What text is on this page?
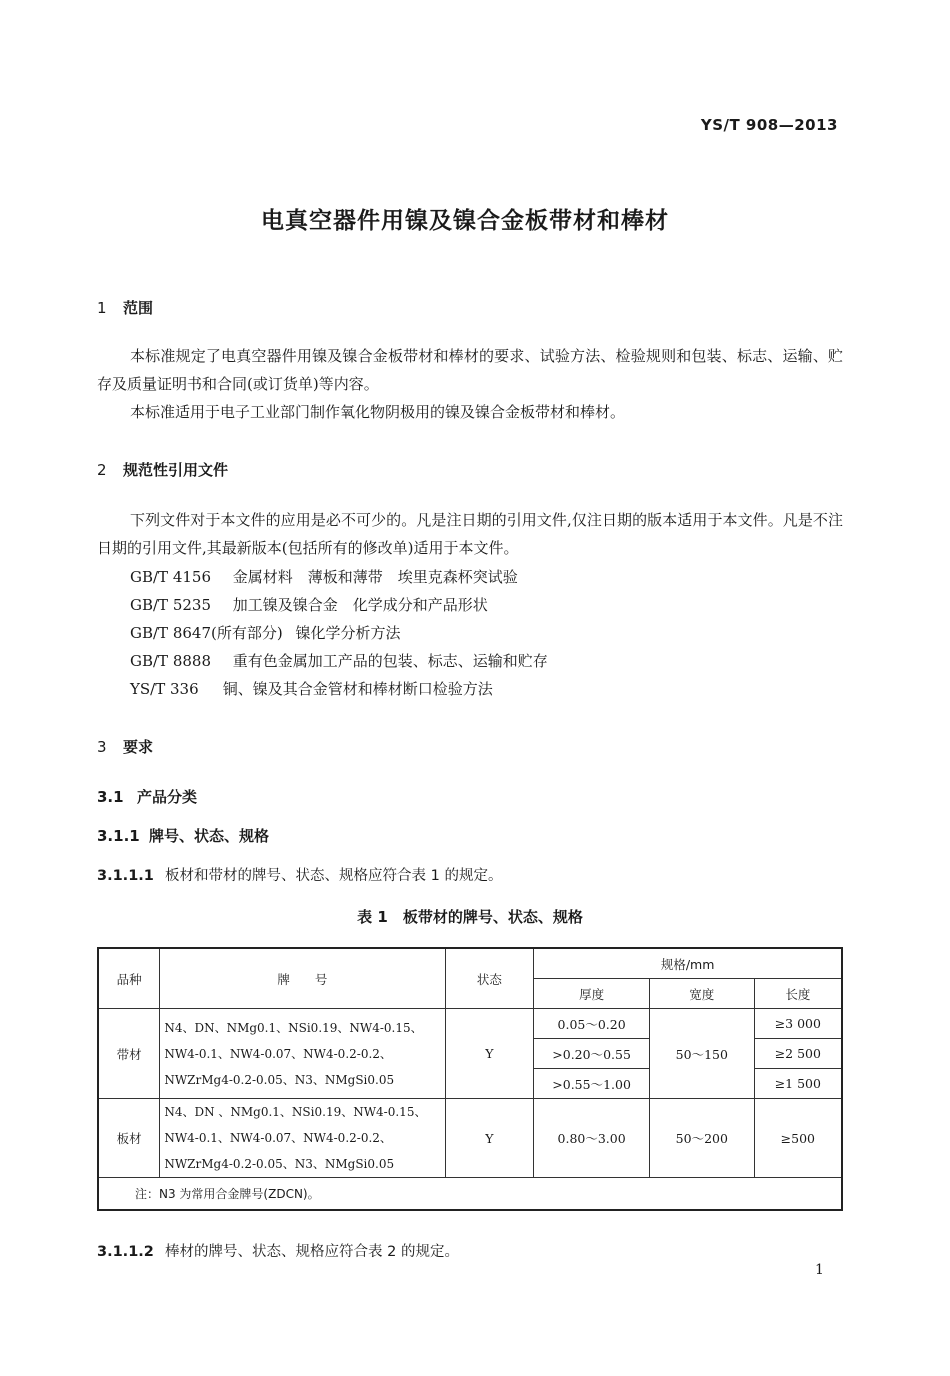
YS/T 908—2013
电真空器件用镍及镍合金板带材和棒材
1 范围

本标准规定了电真空器件用镍及镍合金板带材和棒材的要求、试验方法、检验规则和包装、标志、运输、贮存及质量证明书和合同(或订货单)等内容。

本标准适用于电子工业部门制作氧化物阴极用的镍及镍合金板带材和棒材。

2 规范性引用文件

下列文件对于本文件的应用是必不可少的。凡是注日期的引用文件,仅注日期的版本适用于本文件。凡是不注日期的引用文件,其最新版本(包括所有的修改单)适用于本文件。

GB/T 4156 金属材料　薄板和薄带　埃里克森杯突试验
GB/T 5235 加工镍及镍合金　化学成分和产品形状
GB/T 8647(所有部分) 镍化学分析方法
GB/T 8888 重有色金属加工产品的包装、标志、运输和贮存
YS/T 336 铜、镍及其合金管材和棒材断口检验方法
3 要求
3.1 产品分类
3.1.1 牌号、状态、规格
3.1.1.1 板材和带材的牌号、状态、规格应符合表 1 的规定。
表 1　板带材的牌号、状态、规格
品种	牌　　号	状态	规格/mm		
			厚度	宽度	长度
带材	N4、DN、NMg0.1、NSi0.19、NW4-0.15、
NW4-0.1、NW4-0.07、NW4-0.2-0.2、
NWZrMg4-0.2-0.05、N3、NMgSi0.05	Y	0.05～0.20	50～150	≥3 000
			>0.20～0.55		≥2 500
			>0.55～1.00		≥1 500
板材	N4、DN 、NMg0.1、NSi0.19、NW4-0.15、
NW4-0.1、NW4-0.07、NW4-0.2-0.2、
NWZrMg4-0.2-0.05、N3、NMgSi0.05	Y	0.80～3.00	50～200	≥500
注：N3 为常用合金牌号(ZDCN)。					
3.1.1.2 棒材的牌号、状态、规格应符合表 2 的规定。
1
